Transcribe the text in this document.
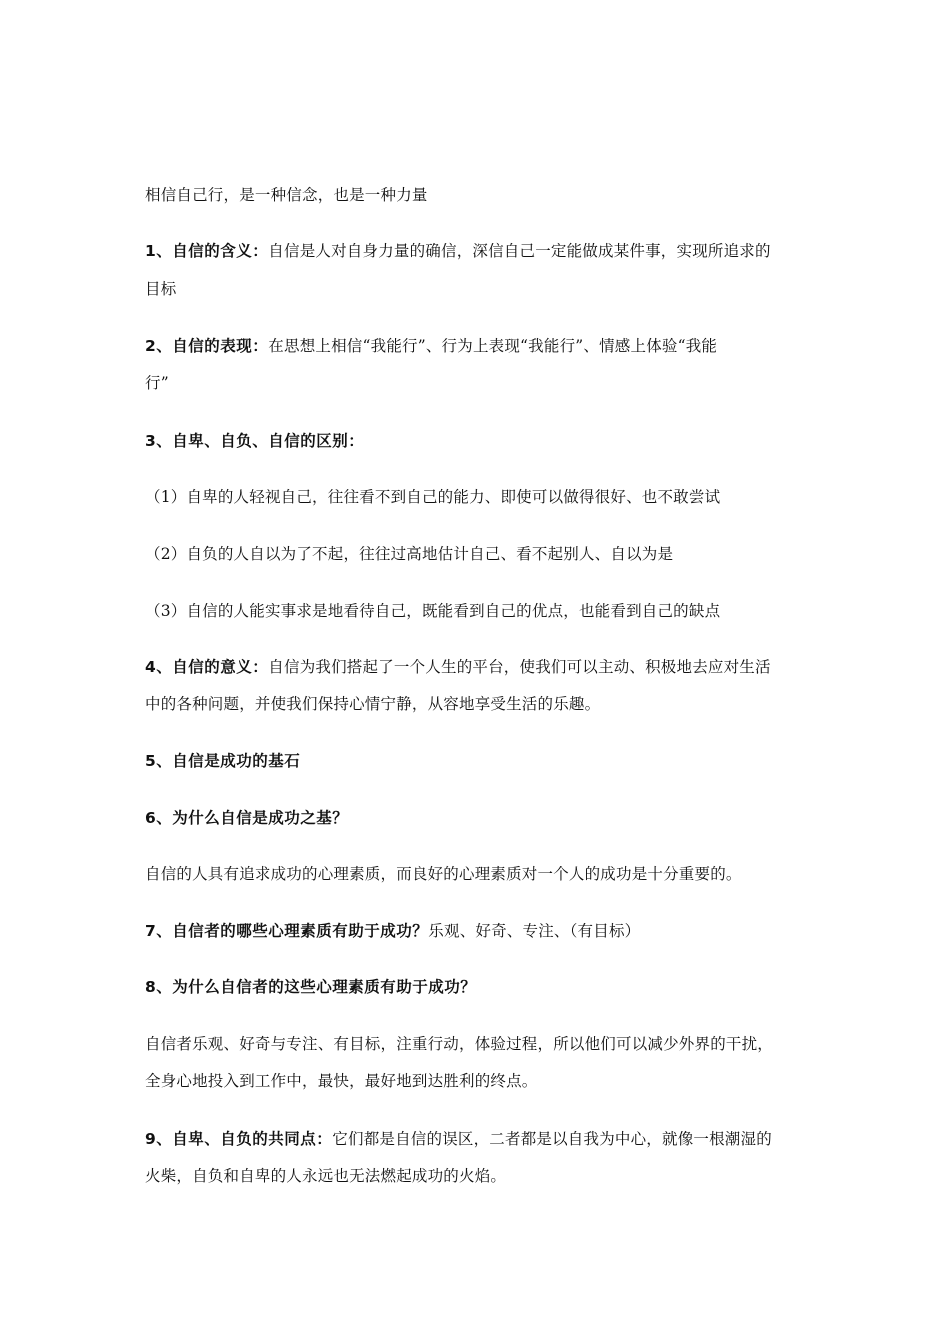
相信自己行，是一种信念，也是一种力量
1、自信的含义：自信是人对自身力量的确信，深信自己一定能做成某件事，实现所追求的
目标
2、自信的表现：在思想上相信“我能行”、行为上表现“我能行”、情感上体验“我能
行”
3、自卑、自负、自信的区别：
（1）自卑的人轻视自己，往往看不到自己的能力、即使可以做得很好、也不敢尝试
（2）自负的人自以为了不起，往往过高地估计自己、看不起别人、自以为是
（3）自信的人能实事求是地看待自己，既能看到自己的优点，也能看到自己的缺点
4、自信的意义：自信为我们搭起了一个人生的平台，使我们可以主动、积极地去应对生活
中的各种问题，并使我们保持心情宁静，从容地享受生活的乐趣。
5、自信是成功的基石
6、为什么自信是成功之基？
自信的人具有追求成功的心理素质，而良好的心理素质对一个人的成功是十分重要的。
7、自信者的哪些心理素质有助于成功？乐观、好奇、专注、（有目标）
8、为什么自信者的这些心理素质有助于成功？
自信者乐观、好奇与专注、有目标，注重行动，体验过程，所以他们可以减少外界的干扰，
全身心地投入到工作中，最快，最好地到达胜利的终点。
9、自卑、自负的共同点：它们都是自信的误区，二者都是以自我为中心，就像一根潮湿的
火柴，自负和自卑的人永远也无法燃起成功的火焰。
